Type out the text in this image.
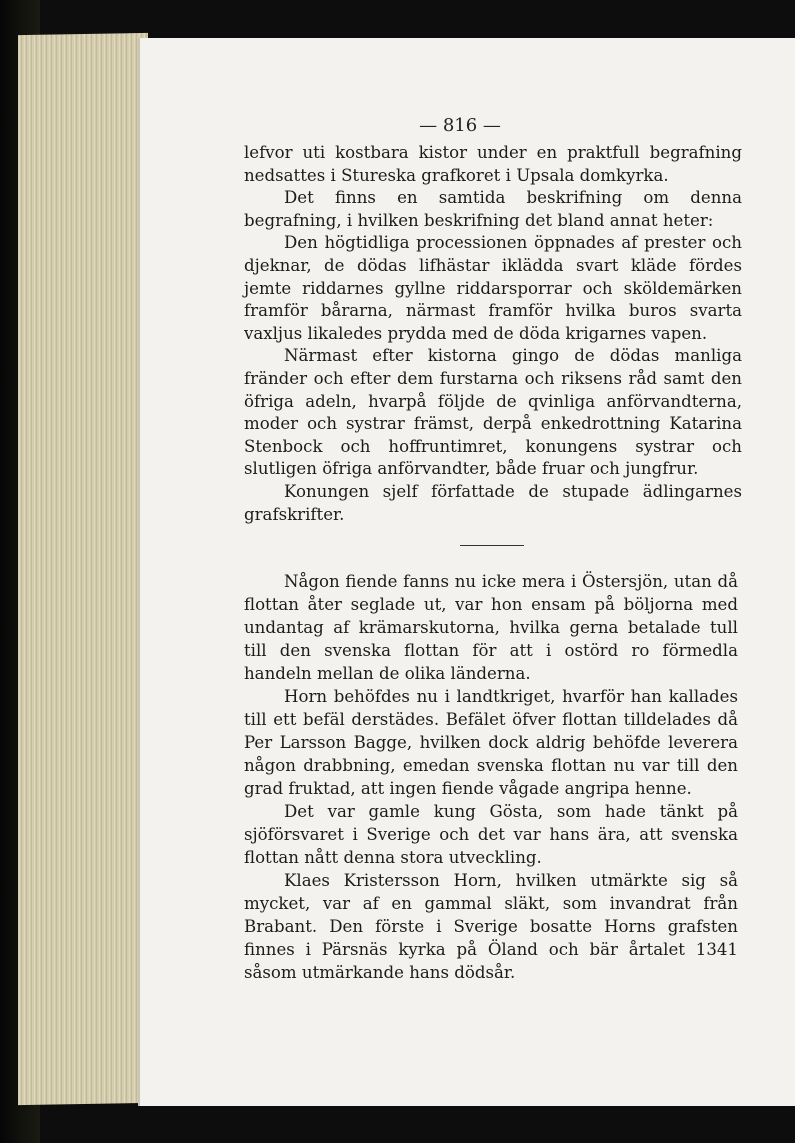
— 816 —

lefvor uti kostbara kistor under en praktfull begrafning nedsattes i Stureska grafkoret i Upsala domkyrka.

Det finns en samtida beskrifning om denna begrafning, i hvilken beskrifning det bland annat heter:

Den högtidliga processionen öppnades af prester och djeknar, de dödas lifhästar iklädda svart kläde fördes jemte riddarnes gyllne riddarsporrar och sköldemärken framför bårarna, närmast framför hvilka buros svarta vaxljus likaledes prydda med de döda krigarnes vapen.

Närmast efter kistorna gingo de dödas manliga fränder och efter dem furstarna och riksens råd samt den öfriga adeln, hvarpå följde de qvinliga anförvandterna, moder och systrar främst, derpå enkedrottning Katarina Stenbock och hoffruntimret, konungens systrar och slutligen öfriga anförvandter, både fruar och jungfrur.

Konungen sjelf författade de stupade ädlingarnes grafskrifter.

Någon fiende fanns nu icke mera i Östersjön, utan då flottan åter seglade ut, var hon ensam på böljorna med undantag af krämarskutorna, hvilka gerna betalade tull till den svenska flottan för att i ostörd ro förmedla handeln mellan de olika länderna.

Horn behöfdes nu i landtkriget, hvarför han kallades till ett befäl derstädes. Befälet öfver flottan tilldelades då Per Larsson Bagge, hvilken dock aldrig behöfde leverera någon drabbning, emedan svenska flottan nu var till den grad fruktad, att ingen fiende vågade angripa henne.

Det var gamle kung Gösta, som hade tänkt på sjöförsvaret i Sverige och det var hans ära, att svenska flottan nått denna stora utveckling.

Klaes Kristersson Horn, hvilken utmärkte sig så mycket, var af en gammal släkt, som invandrat från Brabant. Den förste i Sverige bosatte Horns grafsten finnes i Pärsnäs kyrka på Öland och bär årtalet 1341 såsom utmärkande hans dödsår.
